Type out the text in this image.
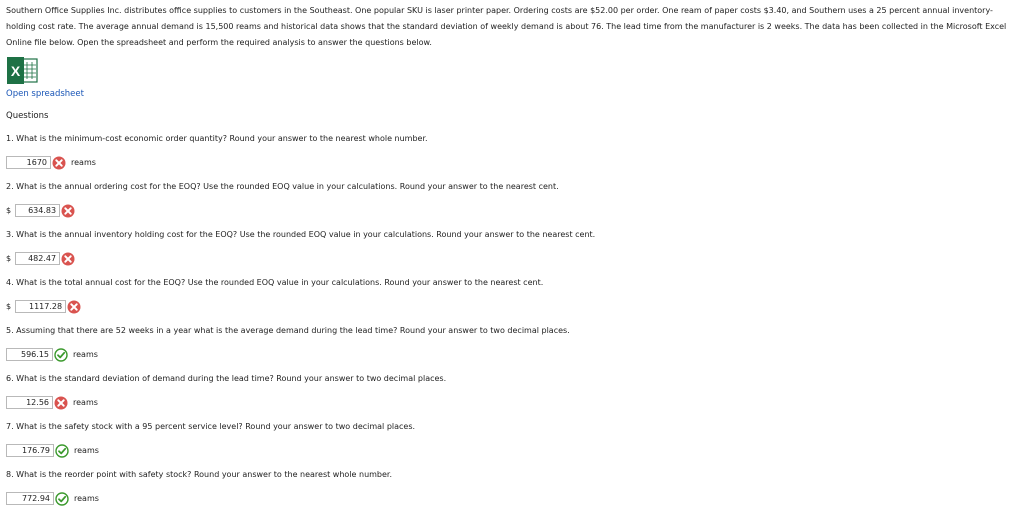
Southern Office Supplies Inc. distributes office supplies to customers in the Southeast. One popular SKU is laser printer paper. Ordering costs are $52.00 per order. One ream of paper costs $3.40, and Southern uses a 25 percent annual inventory-holding cost rate. The average annual demand is 15,500 reams and historical data shows that the standard deviation of weekly demand is about 76. The lead time from the manufacturer is 2 weeks. The data has been collected in the Microsoft Excel Online file below. Open the spreadsheet and perform the required analysis to answer the questions below.
X
Open spreadsheet
Questions
1. What is the minimum-cost economic order quantity? Round your answer to the nearest whole number.
1670	reams
2. What is the annual ordering cost for the EOQ? Use the rounded EOQ value in your calculations. Round your answer to the nearest cent.
$	634.83
3. What is the annual inventory holding cost for the EOQ? Use the rounded EOQ value in your calculations. Round your answer to the nearest cent.
$	482.47
4. What is the total annual cost for the EOQ? Use the rounded EOQ value in your calculations. Round your answer to the nearest cent.
$	1117.28
5. Assuming that there are 52 weeks in a year what is the average demand during the lead time? Round your answer to two decimal places.
596.15	reams
6. What is the standard deviation of demand during the lead time? Round your answer to two decimal places.
12.56	reams
7. What is the safety stock with a 95 percent service level? Round your answer to two decimal places.
176.79	reams
8. What is the reorder point with safety stock? Round your answer to the nearest whole number.
772.94	reams
